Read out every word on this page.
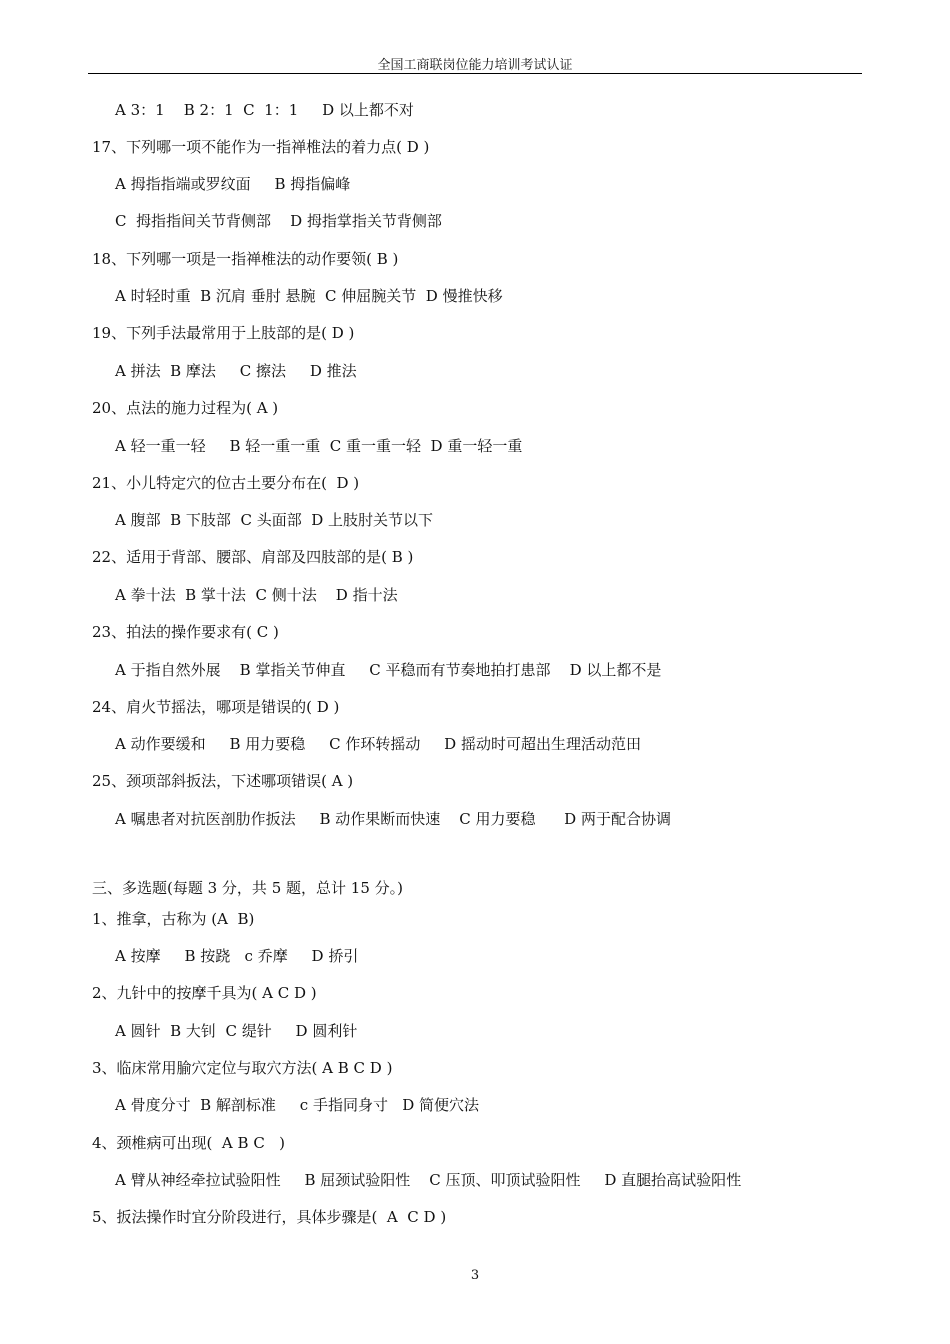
全国工商联岗位能力培训考试认证
A 3：1    B 2：1  C  1：1     D 以上都不对
17、下列哪一项不能作为一指禅椎法的着力点( D )
A 拇指指端或罗纹面     B 拇指偏峰
C  拇指指间关节背侧部    D 拇指掌指关节背侧部
18、下列哪一项是一指禅椎法的动作要领( B )
A 时轻时重  B 沉肩 垂肘 悬腕  C 伸屈腕关节  D 慢推快移
19、下列手法最常用于上肢部的是( D )
A 拼法  B 摩法     C 擦法     D 推法
20、点法的施力过程为( A )
A 轻一重一轻     B 轻一重一重  C 重一重一轻  D 重一轻一重
21、小儿特定穴的位古土要分布在(  D )
A 腹部  B 下肢部  C 头面部  D 上肢肘关节以下
22、适用于背部、腰部、肩部及四肢部的是( B )
A 拳十法  B 掌十法  C 侧十法    D 指十法
23、拍法的操作要求有( C )
A 于指自然外展    B 掌指关节伸直     C 平稳而有节奏地拍打患部    D 以上都不是
24、肩火节摇法，哪项是错误的( D )
A 动作要缓和     B 用力要稳     C 作环转摇动     D 摇动时可超出生理活动范田
25、颈项部斜扳法，下述哪项错误( A )
A 嘱患者对抗医剖肋作扳法     B 动作果断而快速    C 用力要稳      D 两于配合协调
三、多选题(每题 3 分，共 5 题，总计 15 分。)
1、推拿，古称为 (A  B)
A 按摩     B 按跷   c 乔摩     D 挢引
2、九针中的按摩千具为( A C D )
A 圆针  B 大钊  C 缇针     D 圆利针
3、临床常用腧穴定位与取穴方法( A B C D )
A 骨度分寸  B 解剖标准     c 手指同身寸   D 简便穴法
4、颈椎病可出现(  A B C   )
A 臂从神经牵拉试验阳性     B 屈颈试验阳性    C 压顶、叩顶试验阳性     D 直腿抬高试验阳性
5、扳法操作时宜分阶段进行，具体步骤是(  A  C D )
3
